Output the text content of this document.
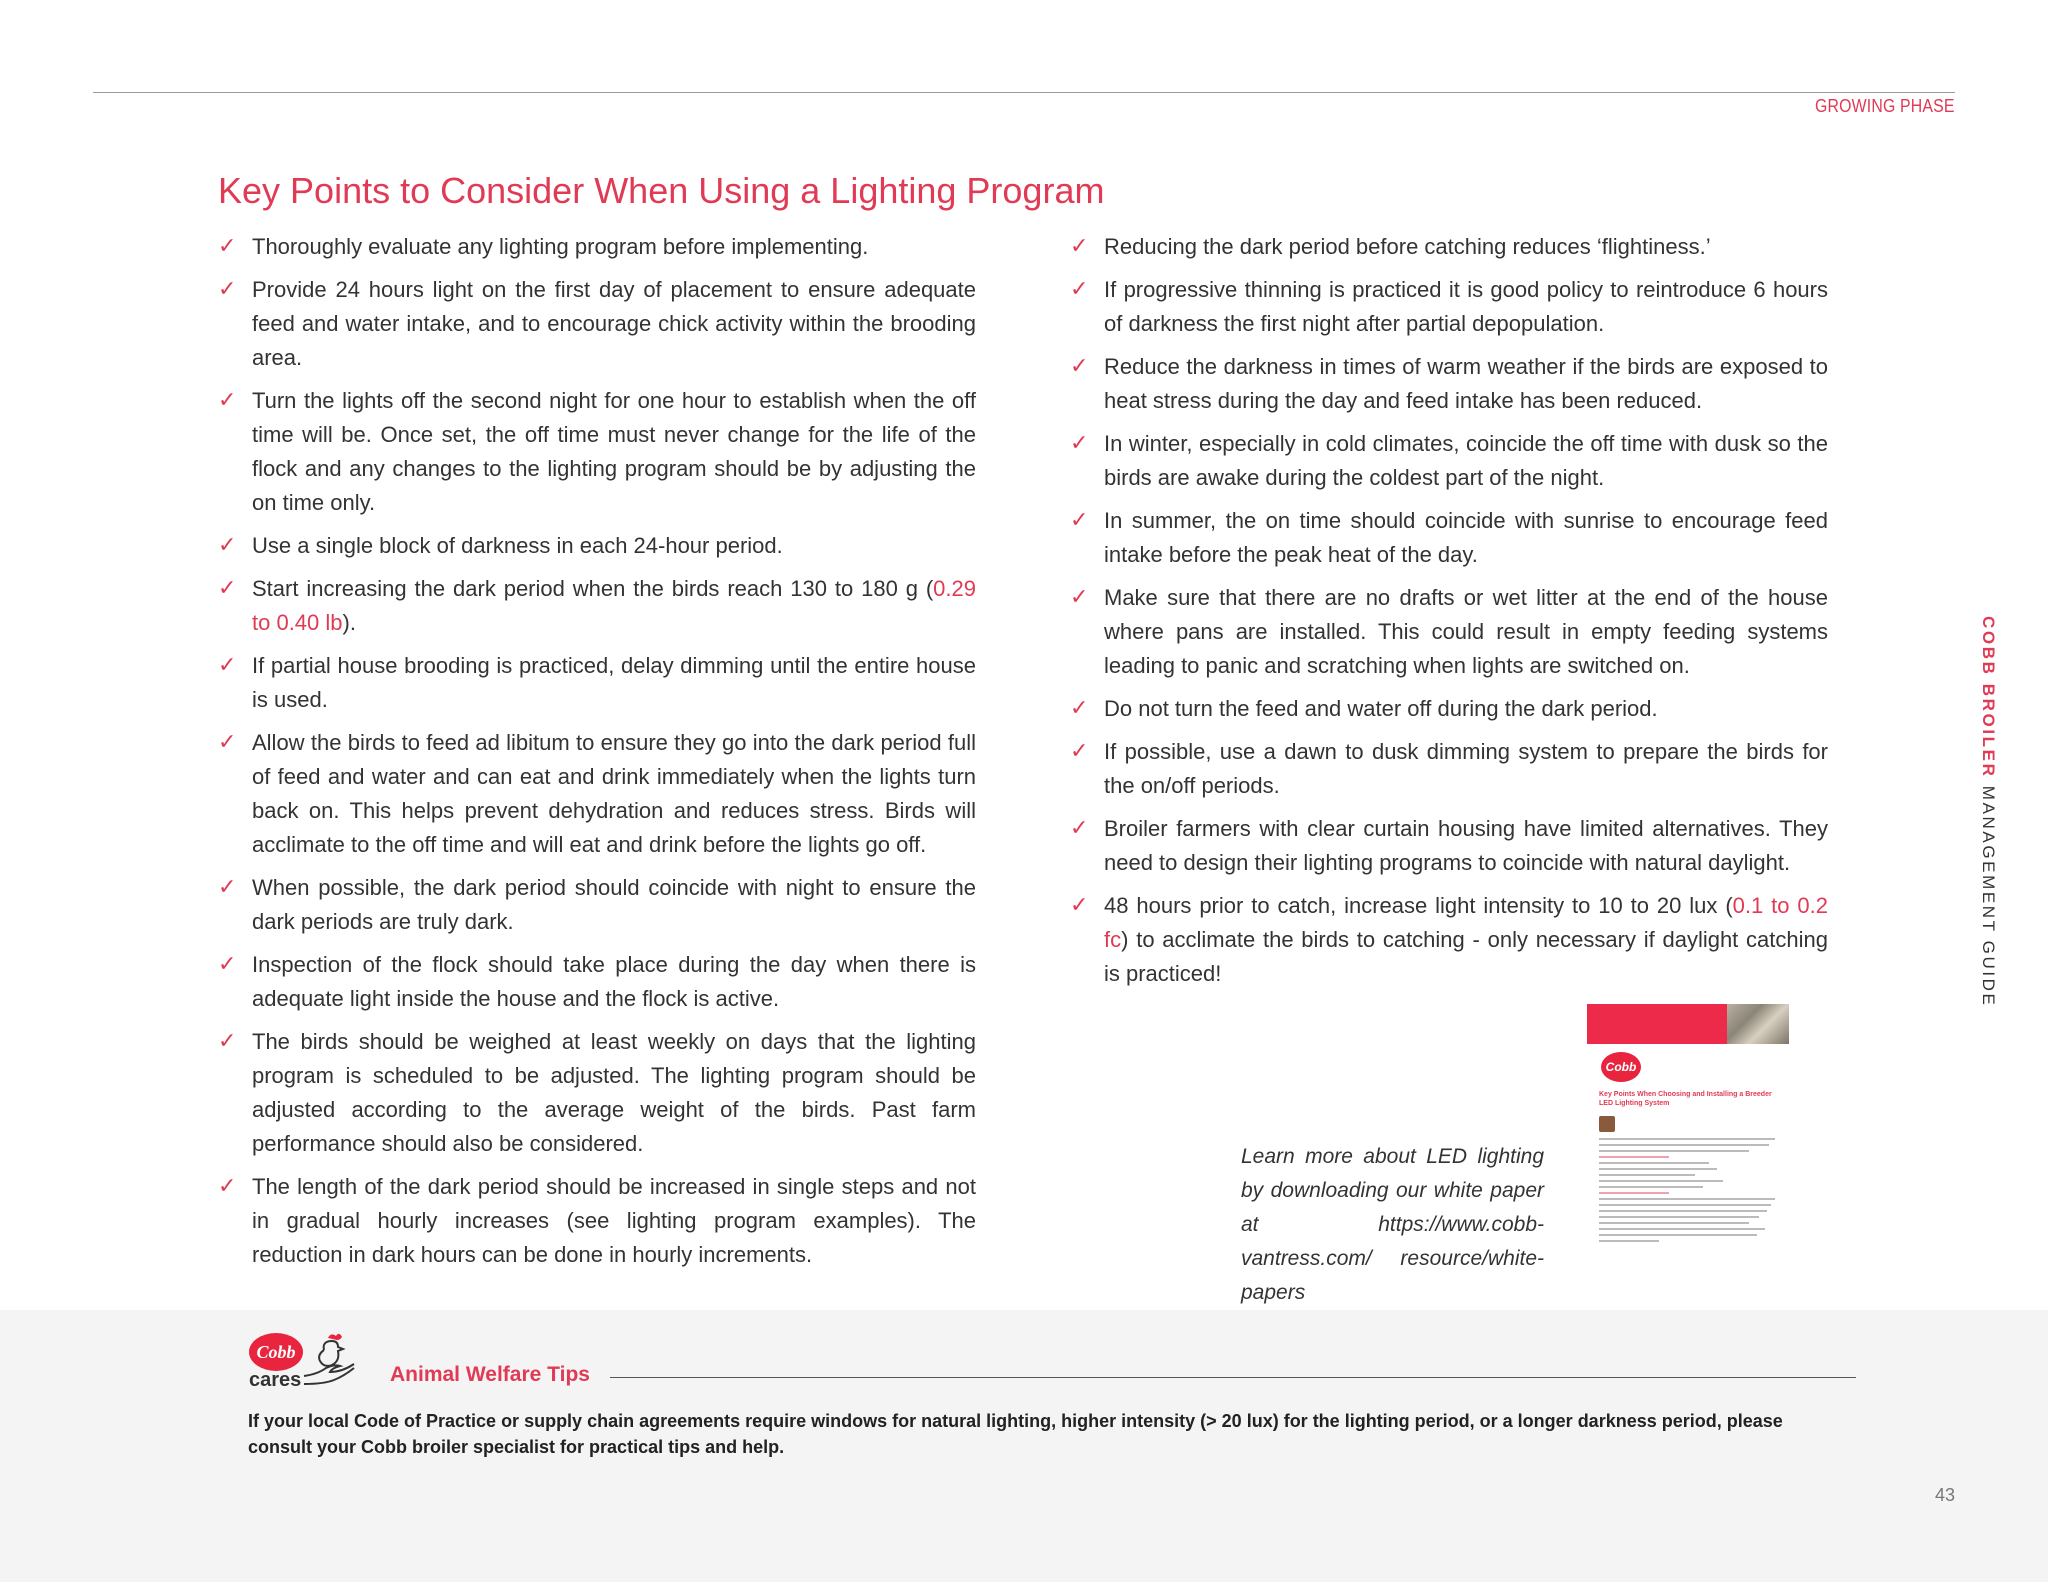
GROWING PHASE
Key Points to Consider When Using a Lighting Program
✓ Thoroughly evaluate any lighting program before implementing.
✓ Provide 24 hours light on the first day of placement to ensure adequate feed and water intake, and to encourage chick activity within the brooding area.
✓ Turn the lights off the second night for one hour to establish when the off time will be. Once set, the off time must never change for the life of the flock and any changes to the lighting program should be by adjusting the on time only.
✓ Use a single block of darkness in each 24-hour period.
✓ Start increasing the dark period when the birds reach 130 to 180 g (0.29 to 0.40 lb).
✓ If partial house brooding is practiced, delay dimming until the entire house is used.
✓ Allow the birds to feed ad libitum to ensure they go into the dark period full of feed and water and can eat and drink immediately when the lights turn back on. This helps prevent dehydration and reduces stress. Birds will acclimate to the off time and will eat and drink before the lights go off.
✓ When possible, the dark period should coincide with night to ensure the dark periods are truly dark.
✓ Inspection of the flock should take place during the day when there is adequate light inside the house and the flock is active.
✓ The birds should be weighed at least weekly on days that the lighting program is scheduled to be adjusted. The lighting program should be adjusted according to the average weight of the birds. Past farm performance should also be considered.
✓ The length of the dark period should be increased in single steps and not in gradual hourly increases (see lighting program examples). The reduction in dark hours can be done in hourly increments.
✓ Reducing the dark period before catching reduces ‘flightiness.’
✓ If progressive thinning is practiced it is good policy to reintroduce 6 hours of darkness the first night after partial depopulation.
✓ Reduce the darkness in times of warm weather if the birds are exposed to heat stress during the day and feed intake has been reduced.
✓ In winter, especially in cold climates, coincide the off time with dusk so the birds are awake during the coldest part of the night.
✓ In summer, the on time should coincide with sunrise to encourage feed intake before the peak heat of the day.
✓ Make sure that there are no drafts or wet litter at the end of the house where pans are installed. This could result in empty feeding systems leading to panic and scratching when lights are switched on.
✓ Do not turn the feed and water off during the dark period.
✓ If possible, use a dawn to dusk dimming system to prepare the birds for the on/off periods.
✓ Broiler farmers with clear curtain housing have limited alternatives. They need to design their lighting programs to coincide with natural daylight.
✓ 48 hours prior to catch, increase light intensity to 10 to 20 lux (0.1 to 0.2 fc) to acclimate the birds to catching - only necessary if daylight catching is practiced!
COBB BROILER MANAGEMENT GUIDE
Learn more about LED lighting by downloading our white paper at https://www.cobb-vantress.com/ resource/white-papers
Cobb
Key Points When Choosing and Installing a Breeder LED Lighting System
Cobb
cares	Animal Welfare Tips
If your local Code of Practice or supply chain agreements require windows for natural lighting, higher intensity (> 20 lux) for the lighting period, or a longer darkness period, please consult your Cobb broiler specialist for practical tips and help.
43
